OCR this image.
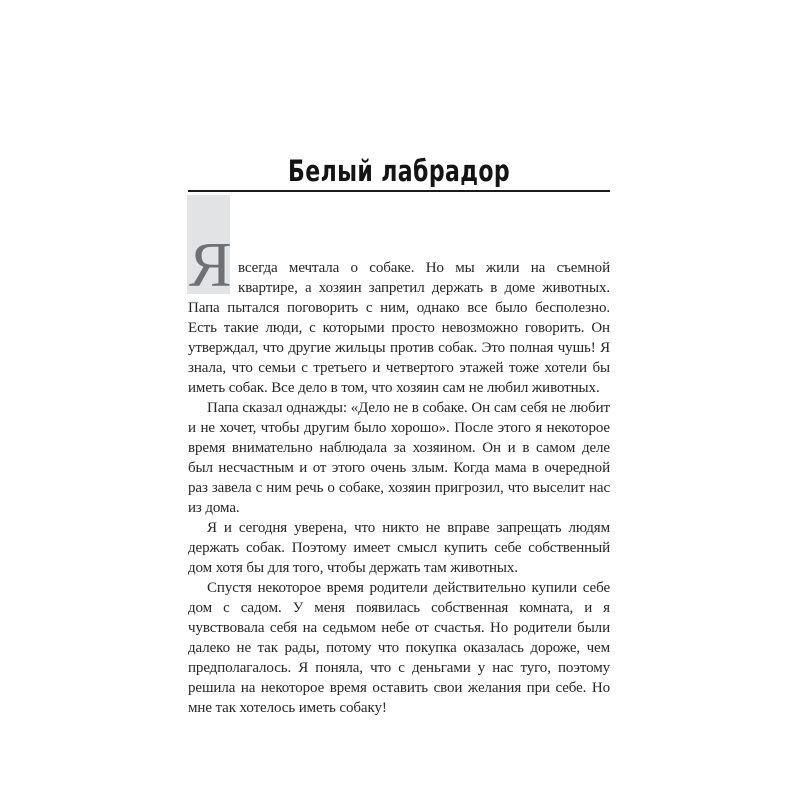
Белый лабрадор
Я всегда мечтала о собаке. Но мы жили на съемной квартире, а хозяин запретил держать в доме животных. Папа пытался поговорить с ним, однако все было бесполезно. Есть такие люди, с которыми просто невозможно говорить. Он утверждал, что другие жильцы против собак. Это полная чушь! Я знала, что семьи с третьего и четвертого этажей тоже хотели бы иметь собак. Все дело в том, что хозяин сам не любил животных.

Папа сказал однажды: «Дело не в собаке. Он сам себя не любит и не хочет, чтобы другим было хорошо». После этого я некоторое время внимательно наблюдала за хозяином. Он и в самом деле был несчастным и от этого очень злым. Когда мама в очередной раз завела с ним речь о собаке, хозяин пригрозил, что выселит нас из дома.

Я и сегодня уверена, что никто не вправе запрещать людям держать собак. Поэтому имеет смысл купить себе собственный дом хотя бы для того, чтобы держать там животных.

Спустя некоторое время родители действительно купили себе дом с садом. У меня появилась собственная комната, и я чувствовала себя на седьмом небе от счастья. Но родители были далеко не так рады, потому что покупка оказалась дороже, чем предполагалось. Я поняла, что с деньгами у нас туго, поэтому решила на некоторое время оставить свои желания при себе. Но мне так хотелось иметь собаку!
